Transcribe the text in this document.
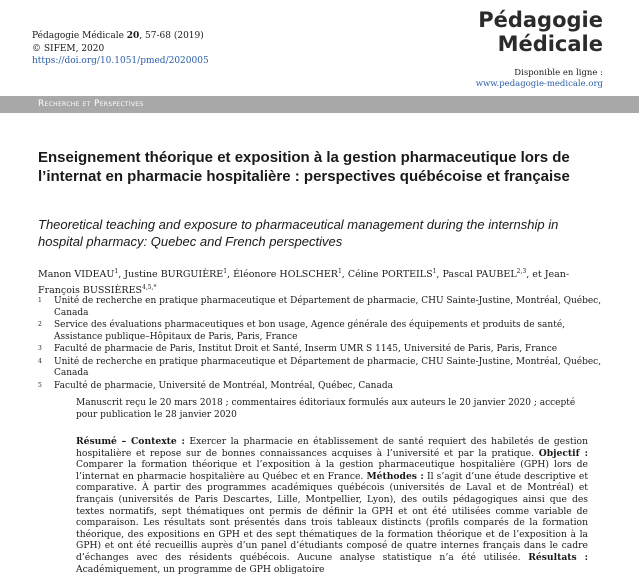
Pédagogie Médicale 20, 57-68 (2019)
© SIFEM, 2020
https://doi.org/10.1051/pmed/2020005
Pédagogie
Médicale
Disponible en ligne :
www.pedagogie-medicale.org
Recherche et Perspectives
Enseignement théorique et exposition à la gestion pharmaceutique lors de l’internat en pharmacie hospitalière : perspectives québécoise et française
Theoretical teaching and exposure to pharmaceutical management during the internship in hospital pharmacy: Quebec and French perspectives
Manon VIDEAU$^1$, Justine BURGUIÈRE$^1$, Éléonore HOLSCHER$^1$, Céline PORTEILS$^1$, Pascal PAUBEL$^{2,3}$, et Jean-François $BUSSIÈRES^{4,5,*}$
1 Unité de recherche en pratique pharmaceutique et Département de pharmacie, CHU Sainte-Justine, Montréal, Québec, Canada
2 Service des évaluations pharmaceutiques et bon usage, Agence générale des équipements et produits de santé, Assistance publique–Hôpitaux de Paris, Paris, France
3 Faculté de pharmacie de Paris, Institut Droit et Santé, Inserm UMR S 1145, Université de Paris, Paris, France
4 Unité de recherche en pratique pharmaceutique et Département de pharmacie, CHU Sainte-Justine, Montréal, Québec, Canada
5 Faculté de pharmacie, Université de Montréal, Montréal, Québec, Canada
Manuscrit reçu le 20 mars 2018 ; commentaires éditoriaux formulés aux auteurs le 20 janvier 2020 ; accepté pour publication le 28 janvier 2020
Résumé – Contexte : Exercer la pharmacie en établissement de santé requiert des habiletés de gestion hospitalière et repose sur de bonnes connaissances acquises à l’université et par la pratique. Objectif : Comparer la formation théorique et l’exposition à la gestion pharmaceutique hospitalière (GPH) lors de l’internat en pharmacie hospitalière au Québec et en France. Méthodes : Il s’agit d’une étude descriptive et comparative. À partir des programmes académiques québécois (universités de Laval et de Montréal) et français (universités de Paris Descartes, Lille, Montpellier, Lyon), des outils pédagogiques ainsi que des textes normatifs, sept thématiques ont permis de définir la GPH et ont été utilisées comme variable de comparaison. Les résultats sont présentés dans trois tableaux distincts (profils comparés de la formation théorique, des expositions en GPH et des sept thématiques de la formation théorique et de l’exposition à la GPH) et ont été recueillis auprès d’un panel d’étudiants composé de quatre internes français dans le cadre d’échanges avec des résidents québécois. Aucune analyse statistique n’a été utilisée. Résultats : Académiquement, un programme de GPH obligatoire
